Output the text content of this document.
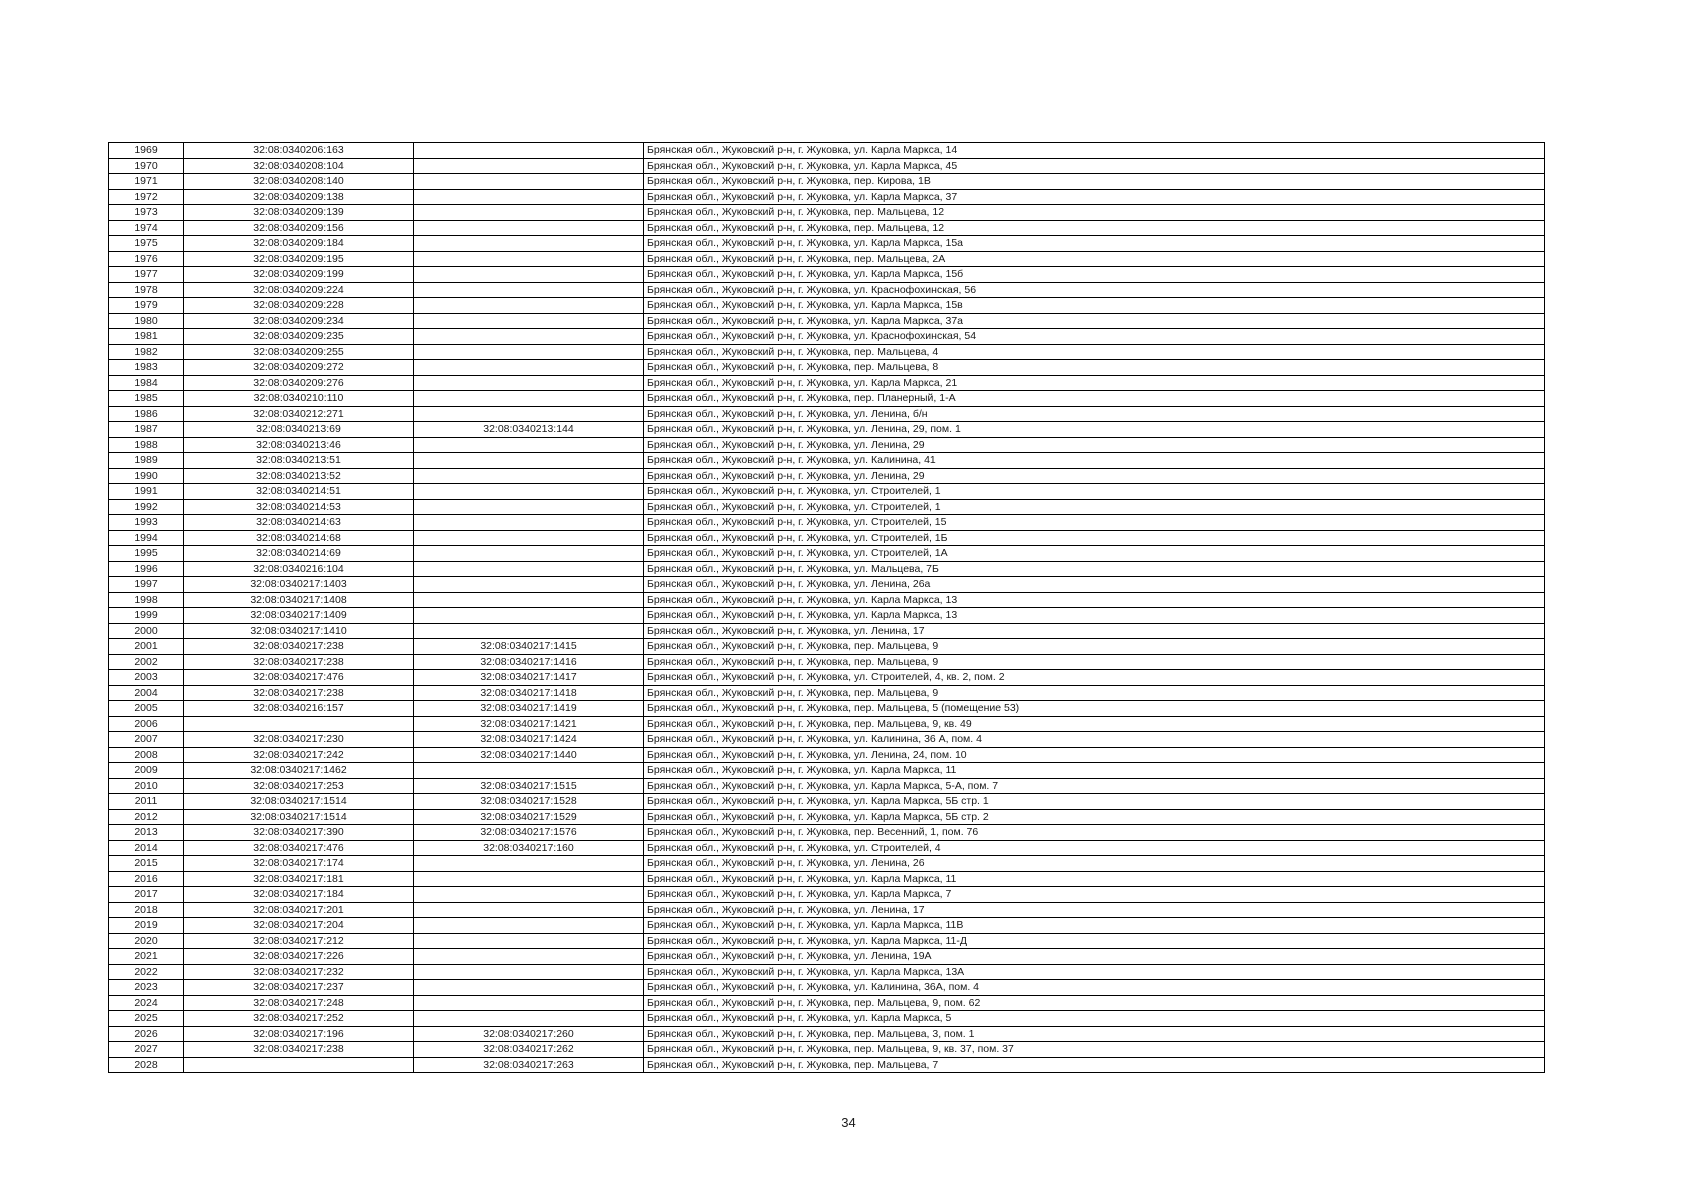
1969	32:08:0340206:163		Брянская обл., Жуковский р-н, г. Жуковка, ул. Карла Маркса, 14
1970	32:08:0340208:104		Брянская обл., Жуковский р-н, г. Жуковка, ул. Карла Маркса, 45
1971	32:08:0340208:140		Брянская обл., Жуковский р-н, г. Жуковка, пер. Кирова, 1В
1972	32:08:0340209:138		Брянская обл., Жуковский р-н, г. Жуковка, ул. Карла Маркса, 37
1973	32:08:0340209:139		Брянская обл., Жуковский р-н, г. Жуковка, пер. Мальцева, 12
1974	32:08:0340209:156		Брянская обл., Жуковский р-н, г. Жуковка, пер. Мальцева, 12
1975	32:08:0340209:184		Брянская обл., Жуковский р-н, г. Жуковка, ул. Карла Маркса, 15а
1976	32:08:0340209:195		Брянская обл., Жуковский р-н, г. Жуковка, пер. Мальцева, 2А
1977	32:08:0340209:199		Брянская обл., Жуковский р-н, г. Жуковка, ул. Карла Маркса, 15б
1978	32:08:0340209:224		Брянская обл., Жуковский р-н, г. Жуковка, ул. Краснофохинская, 56
1979	32:08:0340209:228		Брянская обл., Жуковский р-н, г. Жуковка, ул. Карла Маркса, 15в
1980	32:08:0340209:234		Брянская обл., Жуковский р-н, г. Жуковка, ул. Карла Маркса, 37а
1981	32:08:0340209:235		Брянская обл., Жуковский р-н, г. Жуковка, ул. Краснофохинская, 54
1982	32:08:0340209:255		Брянская обл., Жуковский р-н, г. Жуковка, пер. Мальцева, 4
1983	32:08:0340209:272		Брянская обл., Жуковский р-н, г. Жуковка, пер. Мальцева, 8
1984	32:08:0340209:276		Брянская обл., Жуковский р-н, г. Жуковка, ул. Карла Маркса, 21
1985	32:08:0340210:110		Брянская обл., Жуковский р-н, г. Жуковка, пер. Планерный, 1-А
1986	32:08:0340212:271		Брянская обл., Жуковский р-н, г. Жуковка, ул. Ленина, б/н
1987	32:08:0340213:69	32:08:0340213:144	Брянская обл., Жуковский р-н, г. Жуковка, ул. Ленина, 29, пом. 1
1988	32:08:0340213:46		Брянская обл., Жуковский р-н, г. Жуковка, ул. Ленина, 29
1989	32:08:0340213:51		Брянская обл., Жуковский р-н, г. Жуковка, ул. Калинина, 41
1990	32:08:0340213:52		Брянская обл., Жуковский р-н, г. Жуковка, ул. Ленина, 29
1991	32:08:0340214:51		Брянская обл., Жуковский р-н, г. Жуковка, ул. Строителей, 1
1992	32:08:0340214:53		Брянская обл., Жуковский р-н, г. Жуковка, ул. Строителей, 1
1993	32:08:0340214:63		Брянская обл., Жуковский р-н, г. Жуковка, ул. Строителей, 15
1994	32:08:0340214:68		Брянская обл., Жуковский р-н, г. Жуковка, ул. Строителей, 1Б
1995	32:08:0340214:69		Брянская обл., Жуковский р-н, г. Жуковка, ул. Строителей, 1А
1996	32:08:0340216:104		Брянская обл., Жуковский р-н, г. Жуковка, ул. Мальцева, 7Б
1997	32:08:0340217:1403		Брянская обл., Жуковский р-н, г. Жуковка, ул. Ленина, 26а
1998	32:08:0340217:1408		Брянская обл., Жуковский р-н, г. Жуковка, ул. Карла Маркса, 13
1999	32:08:0340217:1409		Брянская обл., Жуковский р-н, г. Жуковка, ул. Карла Маркса, 13
2000	32:08:0340217:1410		Брянская обл., Жуковский р-н, г. Жуковка, ул. Ленина, 17
2001	32:08:0340217:238	32:08:0340217:1415	Брянская обл., Жуковский р-н, г. Жуковка, пер. Мальцева, 9
2002	32:08:0340217:238	32:08:0340217:1416	Брянская обл., Жуковский р-н, г. Жуковка, пер. Мальцева, 9
2003	32:08:0340217:476	32:08:0340217:1417	Брянская обл., Жуковский р-н, г. Жуковка, ул. Строителей, 4, кв. 2, пом. 2
2004	32:08:0340217:238	32:08:0340217:1418	Брянская обл., Жуковский р-н, г. Жуковка, пер. Мальцева, 9
2005	32:08:0340216:157	32:08:0340217:1419	Брянская обл., Жуковский р-н, г. Жуковка, пер. Мальцева, 5 (помещение 53)
2006		32:08:0340217:1421	Брянская обл., Жуковский р-н, г. Жуковка, пер. Мальцева, 9, кв. 49
2007	32:08:0340217:230	32:08:0340217:1424	Брянская обл., Жуковский р-н, г. Жуковка, ул. Калинина, 36 А, пом. 4
2008	32:08:0340217:242	32:08:0340217:1440	Брянская обл., Жуковский р-н, г. Жуковка, ул. Ленина, 24, пом. 10
2009	32:08:0340217:1462		Брянская обл., Жуковский р-н, г. Жуковка, ул. Карла Маркса, 11
2010	32:08:0340217:253	32:08:0340217:1515	Брянская обл., Жуковский р-н, г. Жуковка, ул. Карла Маркса, 5-А, пом. 7
2011	32:08:0340217:1514	32:08:0340217:1528	Брянская обл., Жуковский р-н, г. Жуковка, ул. Карла Маркса, 5Б стр. 1
2012	32:08:0340217:1514	32:08:0340217:1529	Брянская обл., Жуковский р-н, г. Жуковка, ул. Карла Маркса, 5Б стр. 2
2013	32:08:0340217:390	32:08:0340217:1576	Брянская обл., Жуковский р-н, г. Жуковка, пер. Весенний, 1, пом. 76
2014	32:08:0340217:476	32:08:0340217:160	Брянская обл., Жуковский р-н, г. Жуковка, ул. Строителей, 4
2015	32:08:0340217:174		Брянская обл., Жуковский р-н, г. Жуковка, ул. Ленина, 26
2016	32:08:0340217:181		Брянская обл., Жуковский р-н, г. Жуковка, ул. Карла Маркса, 11
2017	32:08:0340217:184		Брянская обл., Жуковский р-н, г. Жуковка, ул. Карла Маркса, 7
2018	32:08:0340217:201		Брянская обл., Жуковский р-н, г. Жуковка, ул. Ленина, 17
2019	32:08:0340217:204		Брянская обл., Жуковский р-н, г. Жуковка, ул. Карла Маркса, 11В
2020	32:08:0340217:212		Брянская обл., Жуковский р-н, г. Жуковка, ул. Карла Маркса, 11-Д
2021	32:08:0340217:226		Брянская обл., Жуковский р-н, г. Жуковка, ул. Ленина, 19А
2022	32:08:0340217:232		Брянская обл., Жуковский р-н, г. Жуковка, ул. Карла Маркса, 13А
2023	32:08:0340217:237		Брянская обл., Жуковский р-н, г. Жуковка, ул. Калинина, 36А, пом. 4
2024	32:08:0340217:248		Брянская обл., Жуковский р-н, г. Жуковка, пер. Мальцева, 9, пом. 62
2025	32:08:0340217:252		Брянская обл., Жуковский р-н, г. Жуковка, ул. Карла Маркса, 5
2026	32:08:0340217:196	32:08:0340217:260	Брянская обл., Жуковский р-н, г. Жуковка, пер. Мальцева, 3, пом. 1
2027	32:08:0340217:238	32:08:0340217:262	Брянская обл., Жуковский р-н, г. Жуковка, пер. Мальцева, 9, кв. 37, пом. 37
2028		32:08:0340217:263	Брянская обл., Жуковский р-н, г. Жуковка, пер. Мальцева, 7
34
